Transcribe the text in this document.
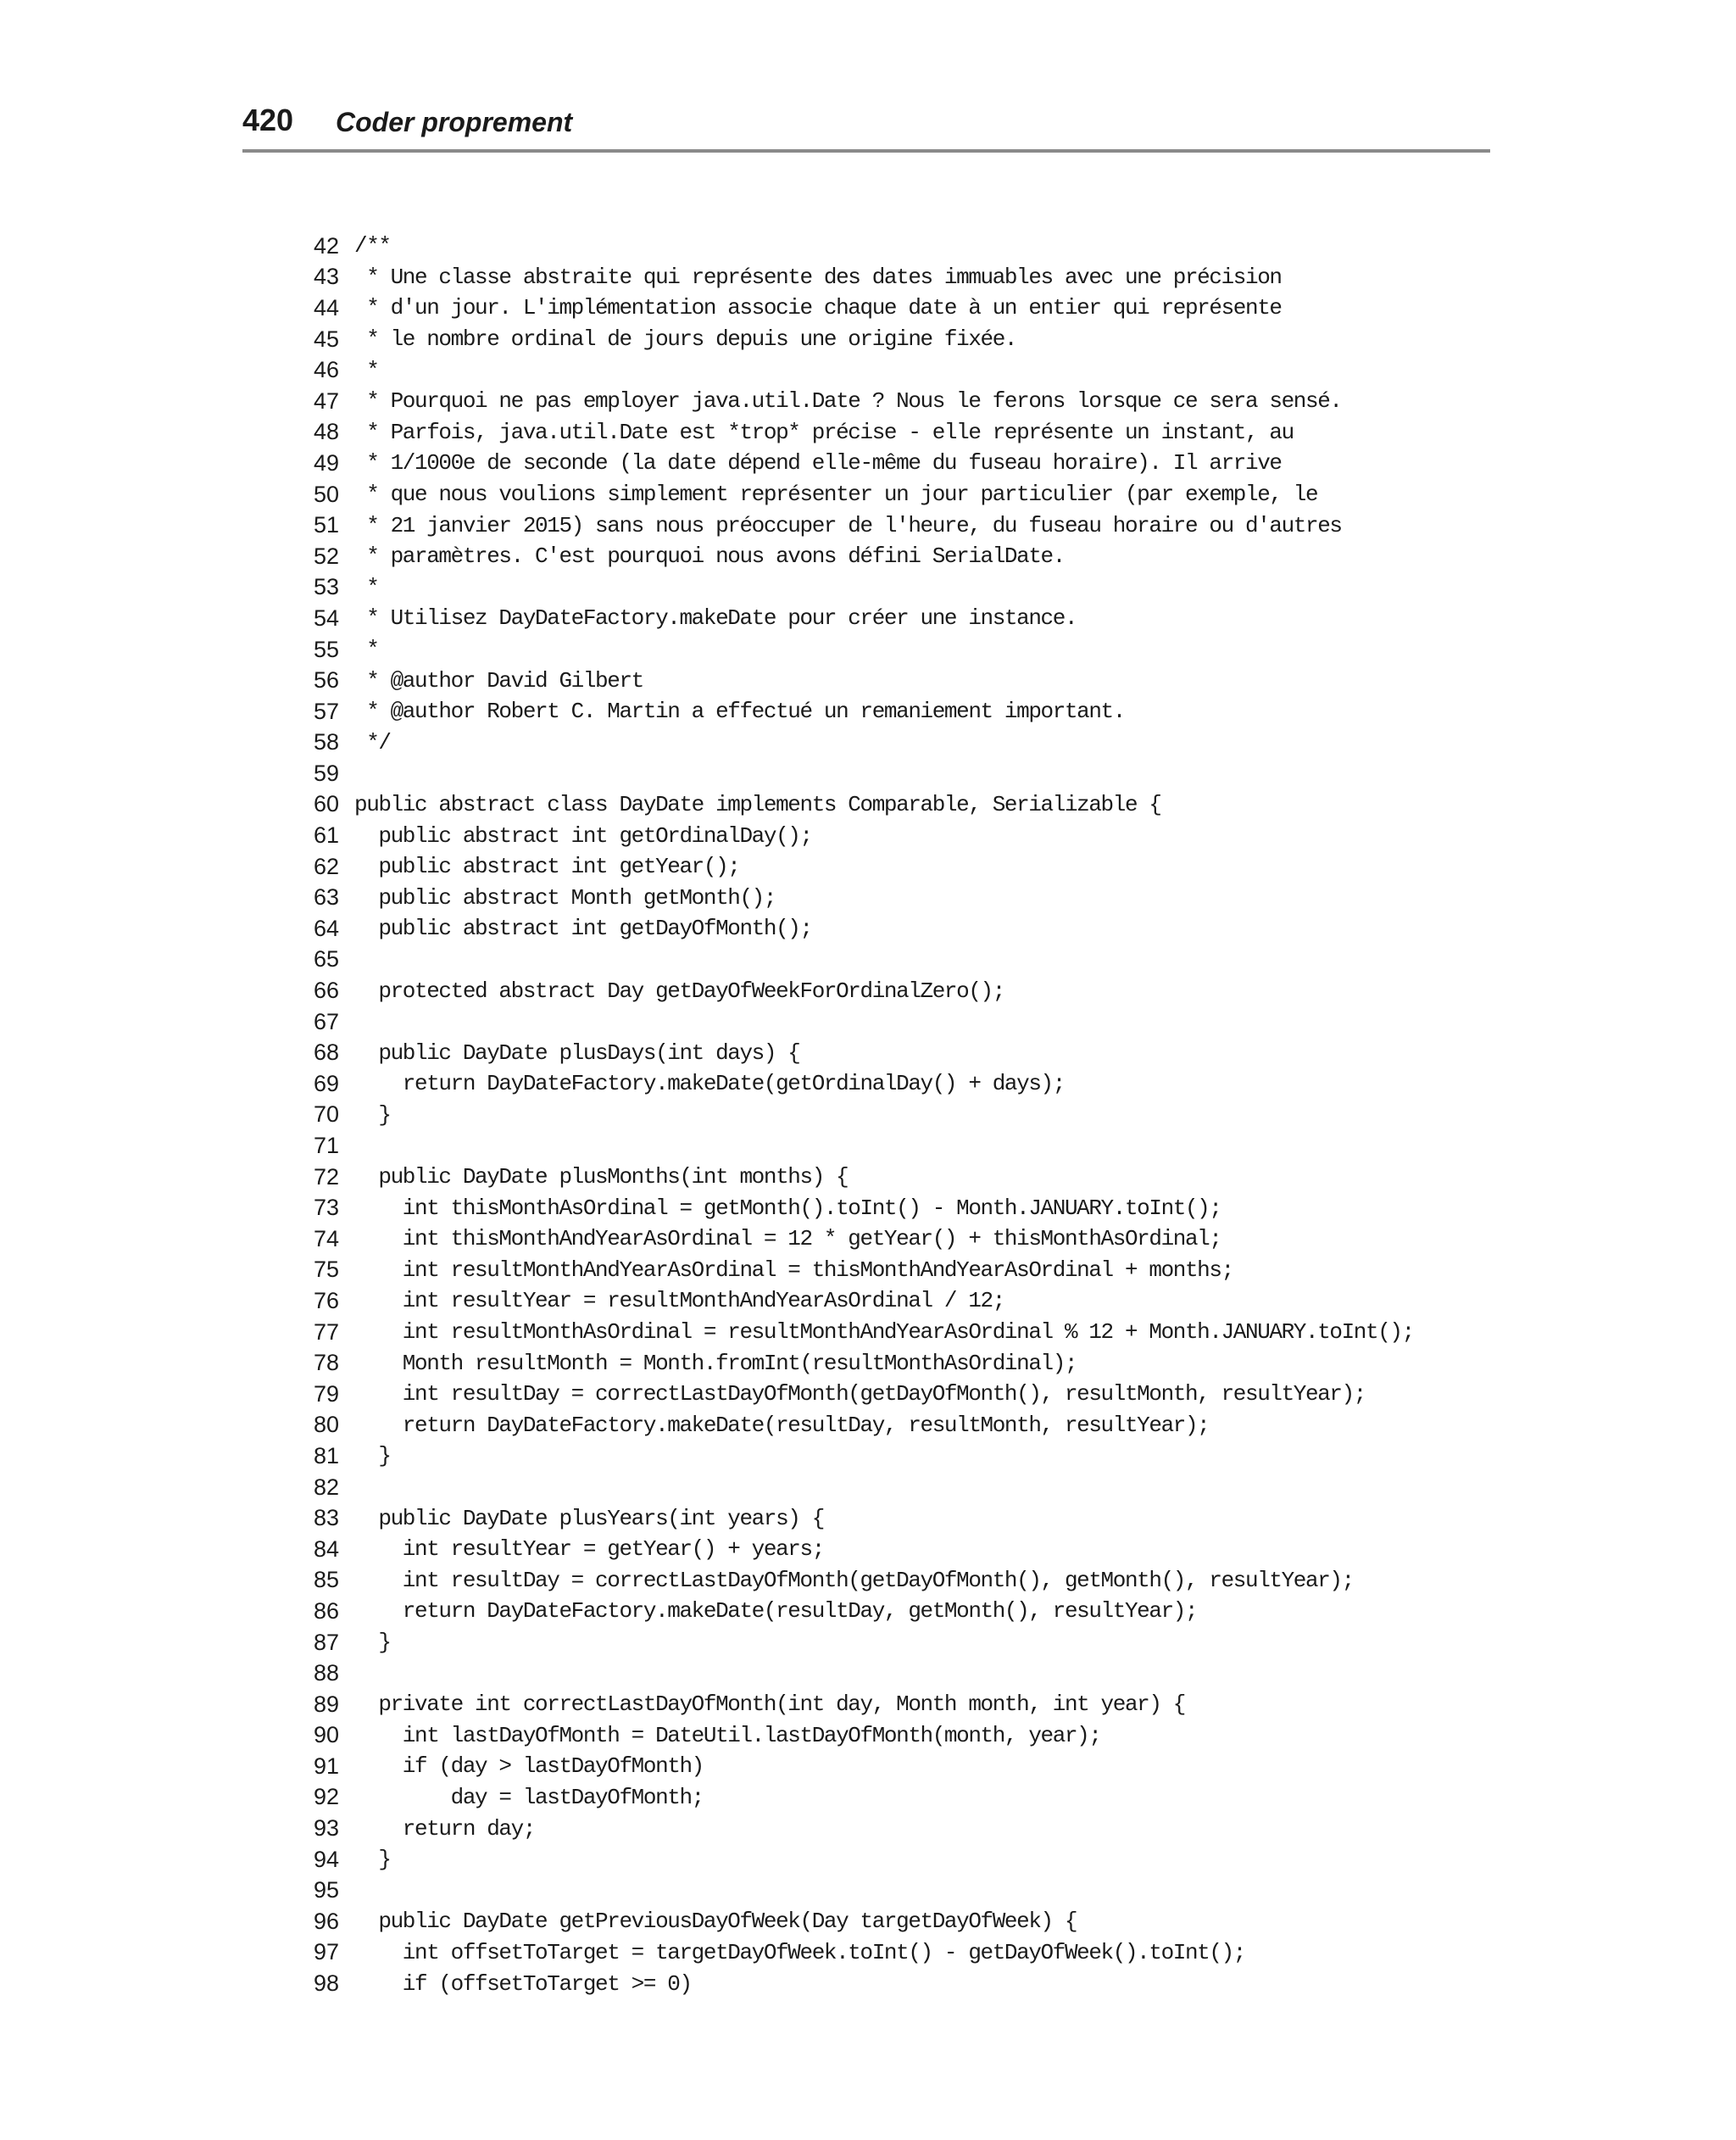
420 Coder proprement
42 /**
43 * Une classe abstraite qui représente des dates immuables avec une précision
44 * d'un jour. L'implémentation associe chaque date à un entier qui représente
45 * le nombre ordinal de jours depuis une origine fixée.
46 *
47 * Pourquoi ne pas employer java.util.Date ? Nous le ferons lorsque ce sera sensé.
48 * Parfois, java.util.Date est *trop* précise - elle représente un instant, au
49 * 1/1000e de seconde (la date dépend elle-même du fuseau horaire). Il arrive
50 * que nous voulions simplement représenter un jour particulier (par exemple, le
51 * 21 janvier 2015) sans nous préoccuper de l'heure, du fuseau horaire ou d'autres
52 * paramètres. C'est pourquoi nous avons défini SerialDate.
53 *
54 * Utilisez DayDateFactory.makeDate pour créer une instance.
55 *
56 * @author David Gilbert
57 * @author Robert C. Martin a effectué un remaniement important.
58 */
59
60 public abstract class DayDate implements Comparable, Serializable {
61 public abstract int getOrdinalDay();
62 public abstract int getYear();
63 public abstract Month getMonth();
64 public abstract int getDayOfMonth();
65
66 protected abstract Day getDayOfWeekForOrdinalZero();
67
68 public DayDate plusDays(int days) {
69 return DayDateFactory.makeDate(getOrdinalDay() + days);
70 }
71
72 public DayDate plusMonths(int months) {
73 int thisMonthAsOrdinal = getMonth().toInt() - Month.JANUARY.toInt();
74 int thisMonthAndYearAsOrdinal = 12 * getYear() + thisMonthAsOrdinal;
75 int resultMonthAndYearAsOrdinal = thisMonthAndYearAsOrdinal + months;
76 int resultYear = resultMonthAndYearAsOrdinal / 12;
77 int resultMonthAsOrdinal = resultMonthAndYearAsOrdinal % 12 + Month.JANUARY.toInt();
78 Month resultMonth = Month.fromInt(resultMonthAsOrdinal);
79 int resultDay = correctLastDayOfMonth(getDayOfMonth(), resultMonth, resultYear);
80 return DayDateFactory.makeDate(resultDay, resultMonth, resultYear);
81 }
82
83 public DayDate plusYears(int years) {
84 int resultYear = getYear() + years;
85 int resultDay = correctLastDayOfMonth(getDayOfMonth(), getMonth(), resultYear);
86 return DayDateFactory.makeDate(resultDay, getMonth(), resultYear);
87 }
88
89 private int correctLastDayOfMonth(int day, Month month, int year) {
90 int lastDayOfMonth = DateUtil.lastDayOfMonth(month, year);
91 if (day > lastDayOfMonth)
92 day = lastDayOfMonth;
93 return day;
94 }
95
96 public DayDate getPreviousDayOfWeek(Day targetDayOfWeek) {
97 int offsetToTarget = targetDayOfWeek.toInt() - getDayOfWeek().toInt();
98 if (offsetToTarget >= 0)
